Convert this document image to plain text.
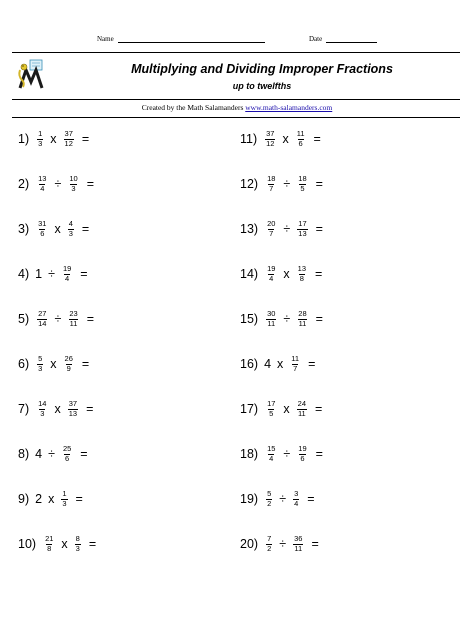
Name	Date
Multiplying and Dividing Improper Fractions
up to twelfths
Created by the Math Salamanders www.math-salamanders.com
$1) \frac{1}{3}$ x $\frac{37}{12}$ =
$2) \frac{13}{4} \div \frac{10}{3}$ =
$3) \frac{31}{6}$ x $\frac{4}{3}$ =
4) $1 \div \frac{19}{4}$ =
$5) \frac{27}{14} \div \frac{23}{11}$ =
$6) \frac{5}{3}$ x $\frac{26}{9}$ =
$7) \frac{14}{3}$ x $\frac{37}{13}$ =
8) $4 \div \frac{25}{6}$ =
9) 2 x $\frac{1}{3}$ =
$10) \frac{21}{8}$ x $\frac{8}{3}$ =
$11) \frac{37}{12}$ x $\frac{11}{6}$ =
$12) \frac{18}{7} \div \frac{18}{5}$ =
$13) \frac{20}{7} \div \frac{17}{13}$ =
$14) \frac{19}{4}$ x $\frac{13}{8}$ =
$15) \frac{30}{11} \div \frac{28}{11}$ =
16) 4 x $\frac{11}{7}$ =
$17) \frac{17}{5}$ x $\frac{24}{11}$ =
$18) \frac{15}{4} \div \frac{19}{6}$ =
$19) \frac{5}{2} \div \frac{3}{4}$ =
$20) \frac{7}{2} \div \frac{36}{11}$ =
